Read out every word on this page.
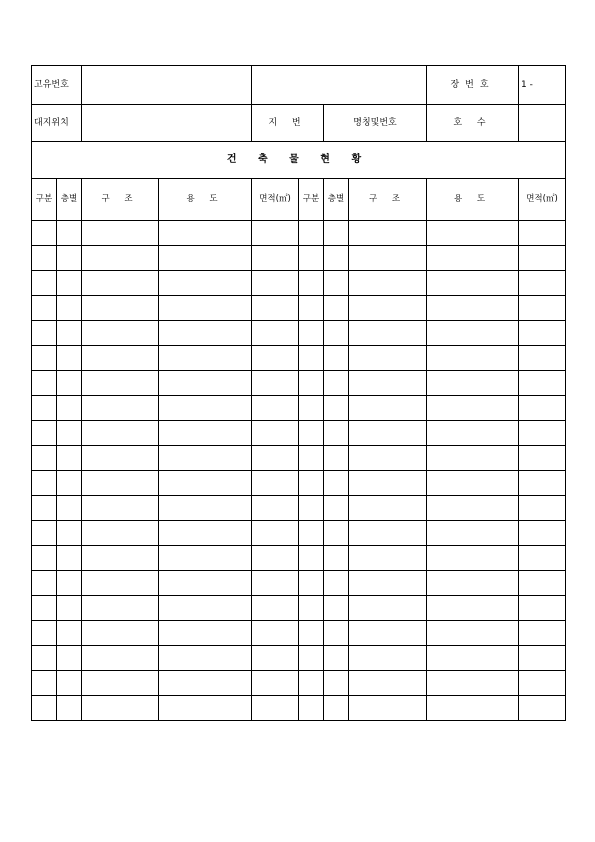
고유번호								장번호	1 -
대지위치				지 번		명칭및번호		호 수	
건 축 물 현 황									
구분	층별	구 조	용 도	면적(㎡)	구분	층별	구 조	용 도	면적(㎡)
